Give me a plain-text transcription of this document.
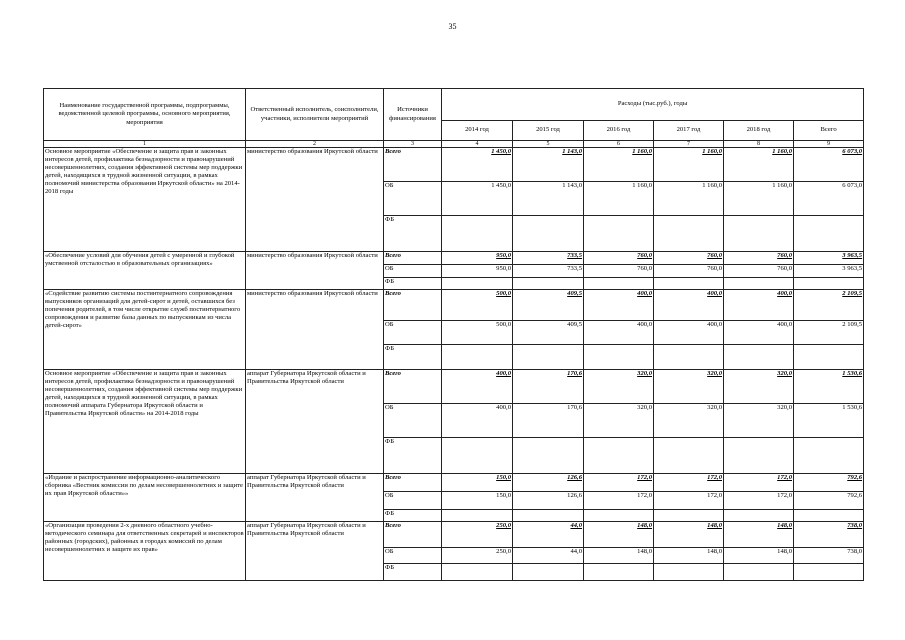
35
Наименование государственной программы, подпрограммы, ведомственной целевой программы, основного мероприятия, мероприятия	Ответственный исполнитель, соисполнители, участники, исполнители мероприятий	Источники финансирования	Расходы (тыс.руб.), годы					
			2014 год	2015 год	2016 год	2017 год	2018 год	Всего
1	2	3	4	5	6	7	8	9
Основное мероприятие «Обеспечение и защита прав и законных интересов детей, профилактика безнадзорности и правонарушений несовершеннолетних, создания эффективной системы мер поддержки детей, находящихся в трудной жизненной ситуации, в рамках полномочий министерства образования Иркутской области» на 2014-2018 годы	министерство образования Иркутской области	Всего	1 450,0	1 143,0	1 160,0	1 160,0	1 160,0	6 073,0
		ОБ	1 450,0	1 143,0	1 160,0	1 160,0	1 160,0	6 073,0
		ФБ						
«Обеспечение условий для обучения детей с умеренной и глубокой умственной отсталостью в образовательных организациях»	министерство образования Иркутской области	Всего	950,0	733,5	760,0	760,0	760,0	3 963,5
		ОБ	950,0	733,5	760,0	760,0	760,0	3 963,5
		ФБ						
«Содействие развитию системы постинтернатного сопровождения выпускников организаций для детей-сирот и детей, оставшихся без попечения родителей, в том числе открытие служб постинтернатного сопровождения и развитие базы данных по выпускникам из числа детей-сирот»	министерство образования Иркутской области	Всего	500,0	409,5	400,0	400,0	400,0	2 109,5
		ОБ	500,0	409,5	400,0	400,0	400,0	2 109,5
		ФБ						
Основное мероприятие «Обеспечение и защита прав и законных интересов детей, профилактика безнадзорности и правонарушений несовершеннолетних, создания эффективной системы мер поддержки детей, находящихся в трудной жизненной ситуации, в рамках полномочий аппарата Губернатора Иркутской области и Правительства Иркутской области» на 2014-2018 годы	аппарат Губернатора Иркутской области и Правительства Иркутской области	Всего	400,0	170,6	320,0	320,0	320,0	1 530,6
		ОБ	400,0	170,6	320,0	320,0	320,0	1 530,6
		ФБ						
«Издание и распространение информационно-аналитического сборника «Вестник комиссии по делам несовершеннолетних и защите их прав Иркутской области»»	аппарат Губернатора Иркутской области и Правительства Иркутской области	Всего	150,0	126,6	172,0	172,0	172,0	792,6
		ОБ	150,0	126,6	172,0	172,0	172,0	792,6
		ФБ						
«Организация проведения 2-х дневного областного учебно-методического семинара для ответственных секретарей и инспекторов районных (городских), районных в городах комиссий по делам несовершеннолетних и защите их прав»	аппарат Губернатора Иркутской области и Правительства Иркутской области	Всего	250,0	44,0	148,0	148,0	148,0	738,0
		ОБ	250,0	44,0	148,0	148,0	148,0	738,0
		ФБ						
